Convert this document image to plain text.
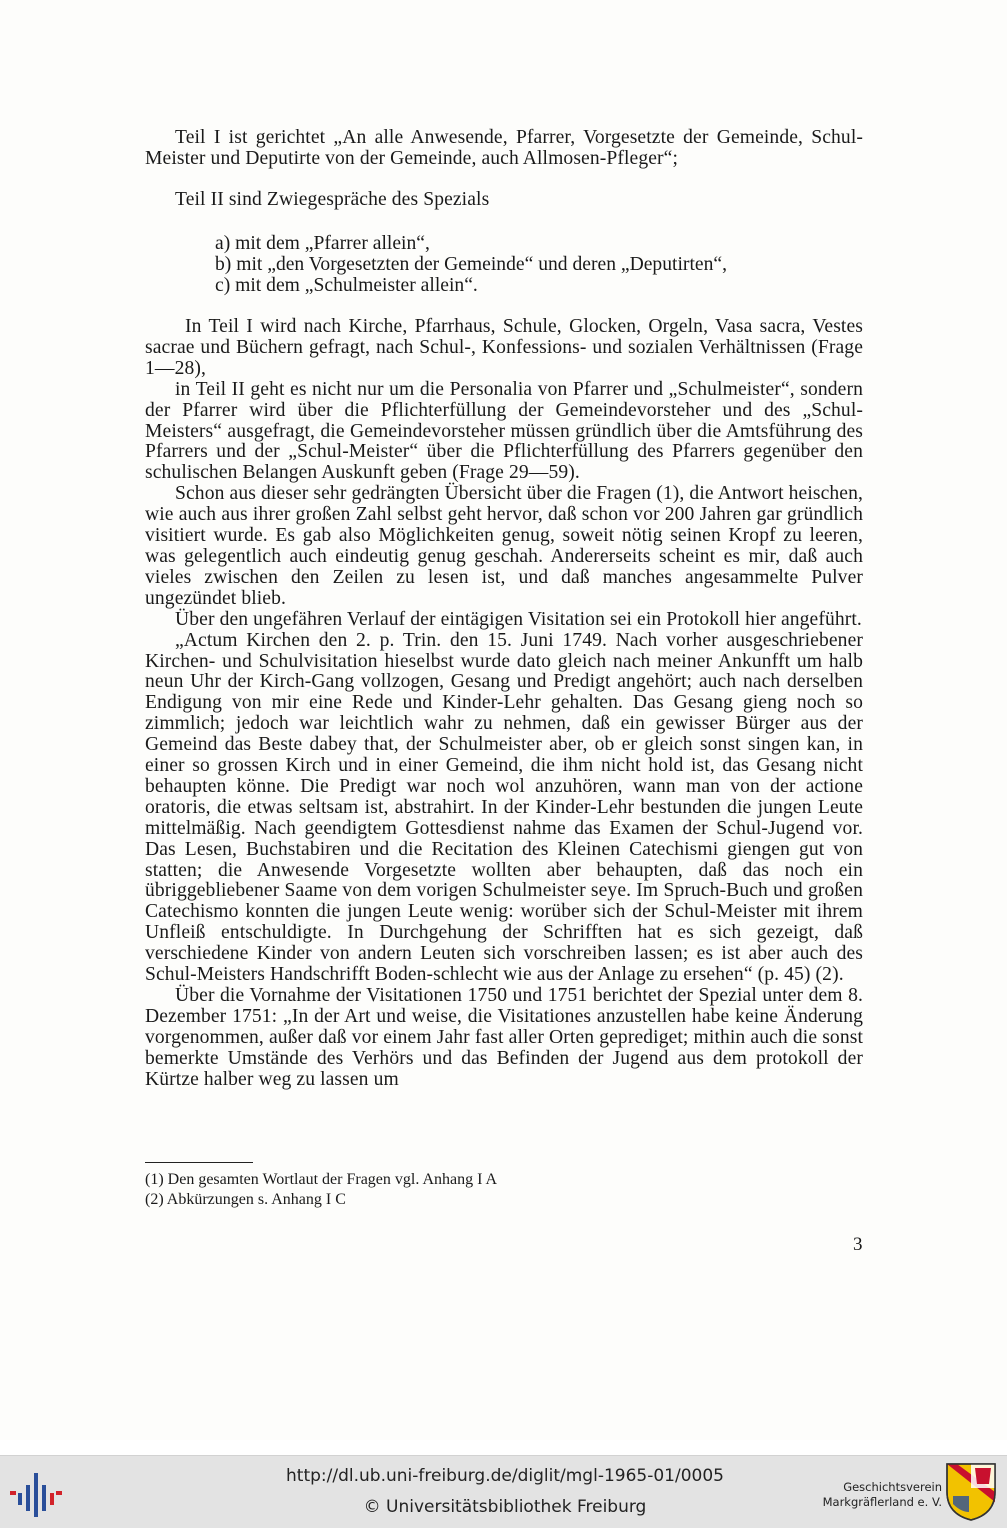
Teil I ist gerichtet „An alle Anwesende, Pfarrer, Vorgesetzte der Gemeinde, Schul-Meister und Deputirte von der Gemeinde, auch Allmosen-Pfleger“;

Teil II sind Zwiegespräche des Spezials

a) mit dem „Pfarrer allein“,
b) mit „den Vorgesetzten der Gemeinde“ und deren „Deputirten“,
c) mit dem „Schulmeister allein“.

In Teil I wird nach Kirche, Pfarrhaus, Schule, Glocken, Orgeln, Vasa sacra, Vestes sacrae und Büchern gefragt, nach Schul-, Konfessions- und sozialen Verhältnissen (Frage 1—28),

in Teil II geht es nicht nur um die Personalia von Pfarrer und „Schulmeister“, sondern der Pfarrer wird über die Pflichterfüllung der Gemeindevorsteher und des „Schul-Meisters“ ausgefragt, die Gemeindevorsteher müssen gründlich über die Amtsführung des Pfarrers und der „Schul-Meister“ über die Pflichterfüllung des Pfarrers gegenüber den schulischen Belangen Auskunft geben (Frage 29—59).

Schon aus dieser sehr gedrängten Übersicht über die Fragen (1), die Antwort heischen, wie auch aus ihrer großen Zahl selbst geht hervor, daß schon vor 200 Jahren gar gründlich visitiert wurde. Es gab also Möglichkeiten genug, soweit nötig seinen Kropf zu leeren, was gelegentlich auch eindeutig genug geschah. Andererseits scheint es mir, daß auch vieles zwischen den Zeilen zu lesen ist, und daß manches angesammelte Pulver ungezündet blieb.

Über den ungefähren Verlauf der eintägigen Visitation sei ein Protokoll hier angeführt.

„Actum Kirchen den 2. p. Trin. den 15. Juni 1749. Nach vorher ausgeschriebener Kirchen- und Schulvisitation hieselbst wurde dato gleich nach meiner Ankunfft um halb neun Uhr der Kirch-Gang vollzogen, Gesang und Predigt angehört; auch nach derselben Endigung von mir eine Rede und Kinder-Lehr gehalten. Das Gesang gieng noch so zimmlich; jedoch war leichtlich wahr zu nehmen, daß ein gewisser Bürger aus der Gemeind das Beste dabey that, der Schulmeister aber, ob er gleich sonst singen kan, in einer so grossen Kirch und in einer Gemeind, die ihm nicht hold ist, das Gesang nicht behaupten könne. Die Predigt war noch wol anzuhören, wann man von der actione oratoris, die etwas seltsam ist, abstrahirt. In der Kinder-Lehr bestunden die jungen Leute mittelmäßig. Nach geendigtem Gottesdienst nahme das Examen der Schul-Jugend vor. Das Lesen, Buchstabiren und die Recitation des Kleinen Catechismi giengen gut von statten; die Anwesende Vorgesetzte wollten aber behaupten, daß das noch ein übriggebliebener Saame von dem vorigen Schulmeister seye. Im Spruch-Buch und großen Catechismo konnten die jungen Leute wenig: worüber sich der Schul-Meister mit ihrem Unfleiß entschuldigte. In Durchgehung der Schrifften hat es sich gezeigt, daß verschiedene Kinder von andern Leuten sich vorschreiben lassen; es ist aber auch des Schul-Meisters Handschrifft Boden-schlecht wie aus der Anlage zu ersehen“ (p. 45) (2).

Über die Vornahme der Visitationen 1750 und 1751 berichtet der Spezial unter dem 8. Dezember 1751: „In der Art und weise, die Visitationes anzustellen habe keine Änderung vorgenommen, außer daß vor einem Jahr fast aller Orten geprediget; mithin auch die sonst bemerkte Umstände des Verhörs und das Befinden der Jugend aus dem protokoll der Kürtze halber weg zu lassen um

(1) Den gesamten Wortlaut der Fragen vgl. Anhang I A
(2) Abkürzungen s. Anhang I C
3
http://dl.ub.uni-freiburg.de/diglit/mgl-1965-01/0005
© Universitätsbibliothek Freiburg
Geschichtsverein
Markgräflerland e. V.
